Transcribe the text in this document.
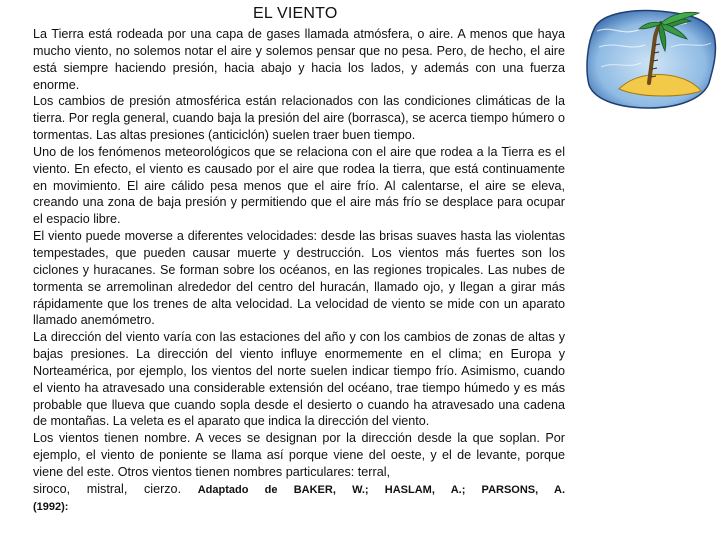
EL VIENTO

La Tierra está rodeada por una capa de gases llamada atmósfera, o aire. A menos que haya mucho viento, no solemos notar el aire y solemos pensar que no pesa. Pero, de hecho, el aire está siempre haciendo presión, hacia abajo y hacia los lados, y además con una fuerza enorme.

Los cambios de presión atmosférica están relacionados con las condiciones climáticas de la tierra. Por regla general, cuando baja la presión del aire (borrasca), se acerca tiempo húmero o tormentas. Las altas presiones (anticiclón) suelen traer buen tiempo.

Uno de los fenómenos meteorológicos que se relaciona con el aire que rodea a la Tierra es el viento. En efecto, el viento es causado por el aire que rodea la tierra, que está continuamente en movimiento. El aire cálido pesa menos que el aire frío. Al calentarse, el aire se eleva, creando una zona de baja presión y permitiendo que el aire más frío se desplace para ocupar el espacio libre.

El viento puede moverse a diferentes velocidades: desde las brisas suaves hasta las violentas tempestades, que pueden causar muerte y destrucción. Los vientos más fuertes son los ciclones y huracanes. Se forman sobre los océanos, en las regiones tropicales. Las nubes de tormenta se arremolinan alrededor del centro del huracán, llamado ojo, y llegan a girar más rápidamente que los trenes de alta velocidad. La velocidad de viento se mide con un aparato llamado anemómetro.

La dirección del viento varía con las estaciones del año y con los cambios de zonas de altas y bajas presiones. La dirección del viento influye enormemente en el clima; en Europa y Norteamérica, por ejemplo, los vientos del norte suelen indicar tiempo frío. Asimismo, cuando el viento ha atravesado una considerable extensión del océano, trae tiempo húmedo y es más probable que llueva que cuando sopla desde el desierto o cuando ha atravesado una cadena de montañas. La veleta es el aparato que indica la dirección del viento.

Los vientos tienen nombre. A veces se designan por la dirección desde la que soplan. Por ejemplo, el viento de poniente se llama así porque viene del oeste, y el de levante, porque viene del este. Otros vientos tienen nombres particulares: terral,

siroco, mistral, cierzo. Adaptado de BAKER, W.; HASLAM, A.; PARSONS, A.

(1992):
